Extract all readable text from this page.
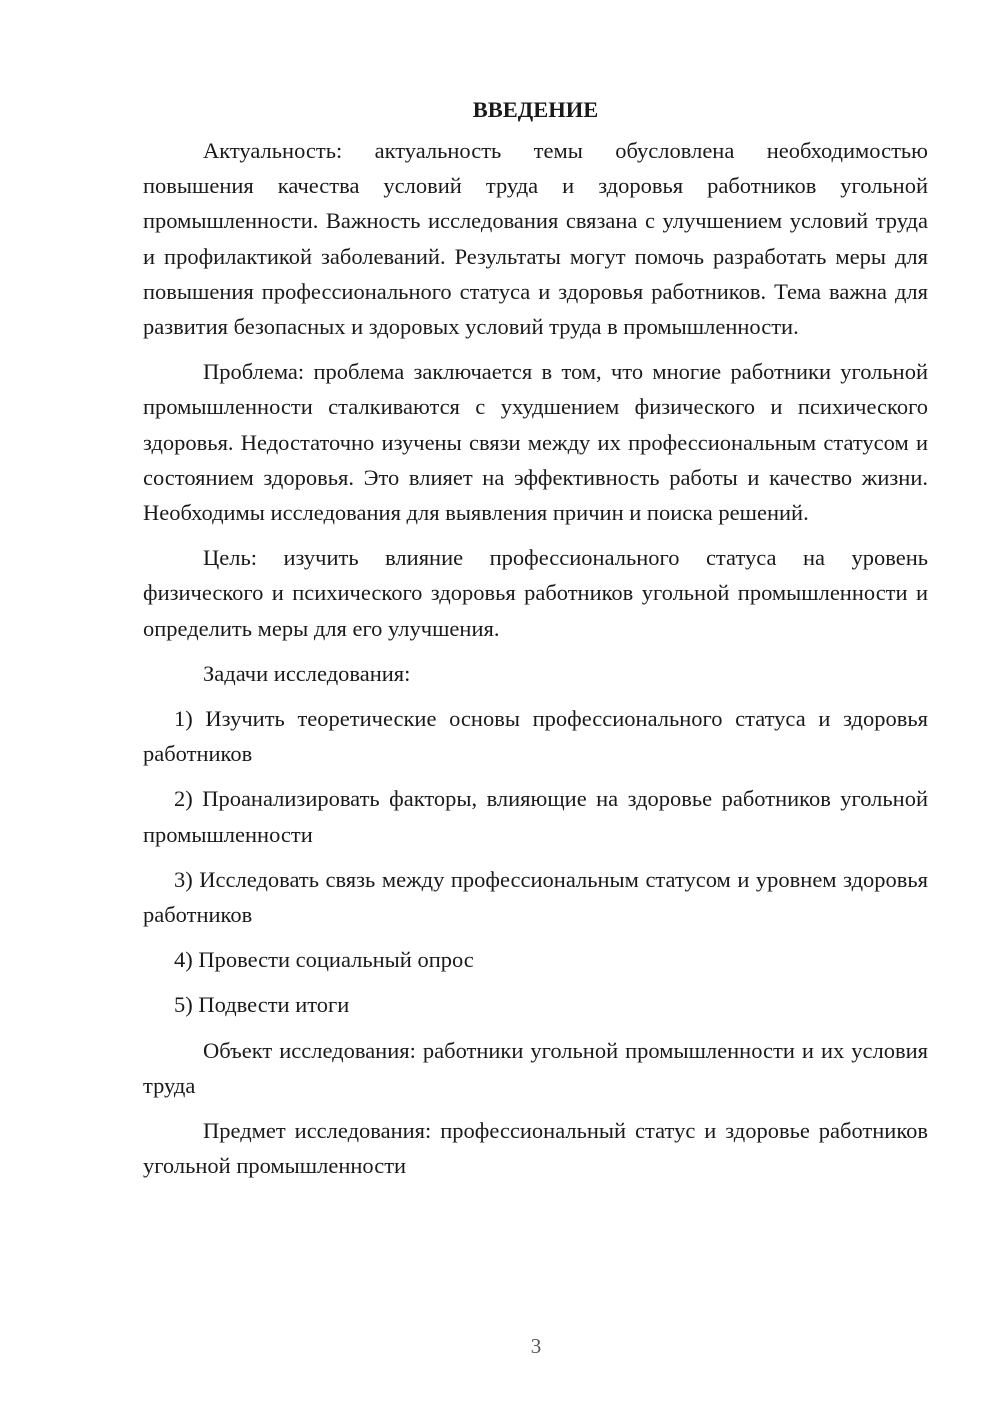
ВВЕДЕНИЕ

Актуальность: актуальность темы обусловлена необходимостью повышения качества условий труда и здоровья работников угольной промышленности. Важность исследования связана с улучшением условий труда и профилактикой заболеваний. Результаты могут помочь разработать меры для повышения профессионального статуса и здоровья работников. Тема важна для развития безопасных и здоровых условий труда в промышленности.

Проблема: проблема заключается в том, что многие работники угольной промышленности сталкиваются с ухудшением физического и психического здоровья. Недостаточно изучены связи между их профессиональным статусом и состоянием здоровья. Это влияет на эффективность работы и качество жизни. Необходимы исследования для выявления причин и поиска решений.

Цель: изучить влияние профессионального статуса на уровень физического и психического здоровья работников угольной промышленности и определить меры для его улучшения.

Задачи исследования:

1) Изучить теоретические основы профессионального статуса и здоровья работников

2) Проанализировать факторы, влияющие на здоровье работников угольной промышленности

3) Исследовать связь между профессиональным статусом и уровнем здоровья работников

4) Провести социальный опрос

5) Подвести итоги

Объект исследования: работники угольной промышленности и их условия труда

Предмет исследования: профессиональный статус и здоровье работников угольной промышленности

3
